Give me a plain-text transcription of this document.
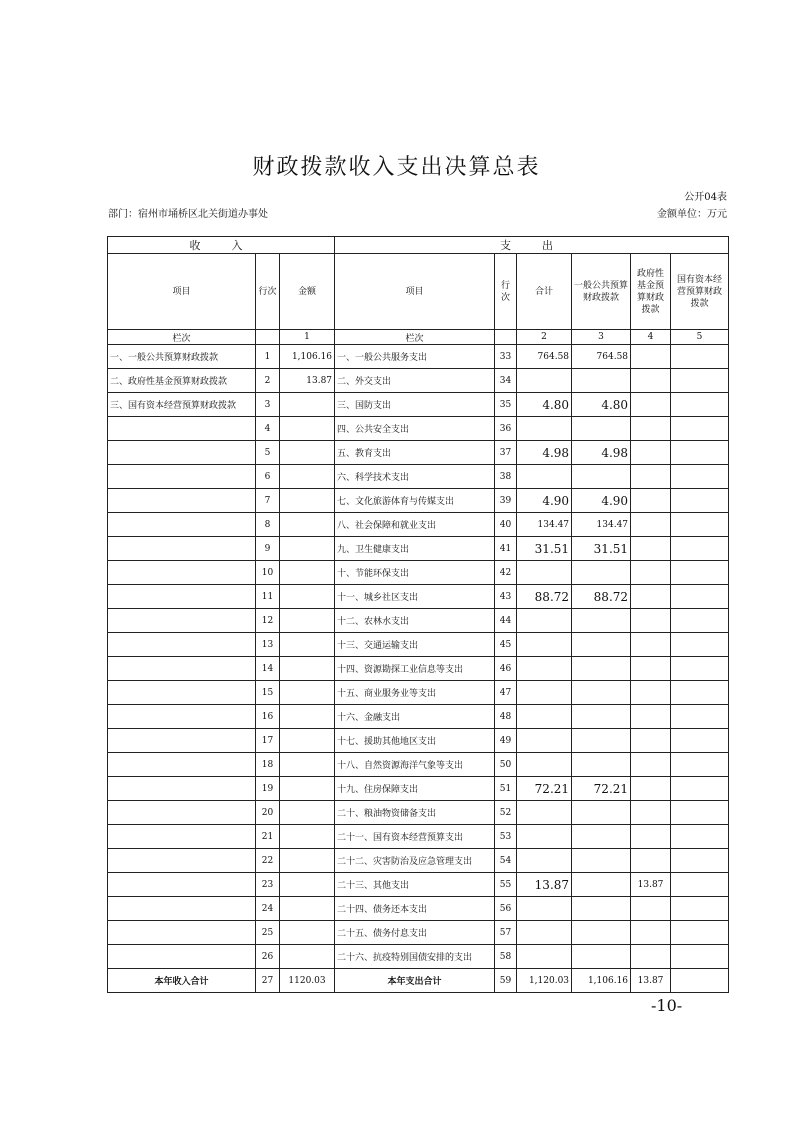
财政拨款收入支出决算总表
公开04表
部门：宿州市埇桥区北关街道办事处	金额单位：万元
收　入			支　出					
项目	行次	金额	项目	行次	合计	一般公共预算财政拨款	政府性基金预算财政拨款	国有资本经营预算财政拨款
栏次		1	栏次		2	3	4	5
一、一般公共预算财政拨款	1	1,106.16	一、一般公共服务支出	33	764.58	764.58		
二、政府性基金预算财政拨款	2	13.87	二、外交支出	34				
三、国有资本经营预算财政拨款	3		三、国防支出	35	4.80	4.80		
	4		四、公共安全支出	36				
	5		五、教育支出	37	4.98	4.98		
	6		六、科学技术支出	38				
	7		七、文化旅游体育与传媒支出	39	4.90	4.90		
	8		八、社会保障和就业支出	40	134.47	134.47		
	9		九、卫生健康支出	41	31.51	31.51		
	10		十、节能环保支出	42				
	11		十一、城乡社区支出	43	88.72	88.72		
	12		十二、农林水支出	44				
	13		十三、交通运输支出	45				
	14		十四、资源勘探工业信息等支出	46				
	15		十五、商业服务业等支出	47				
	16		十六、金融支出	48				
	17		十七、援助其他地区支出	49				
	18		十八、自然资源海洋气象等支出	50				
	19		十九、住房保障支出	51	72.21	72.21		
	20		二十、粮油物资储备支出	52				
	21		二十一、国有资本经营预算支出	53				
	22		二十二、灾害防治及应急管理支出	54				
	23		二十三、其他支出	55	13.87		13.87	
	24		二十四、债务还本支出	56				
	25		二十五、债务付息支出	57				
	26		二十六、抗疫特别国债安排的支出	58				
本年收入合计	27	1120.03	本年支出合计	59	1,120.03	1,106.16	13.87	
-10-
